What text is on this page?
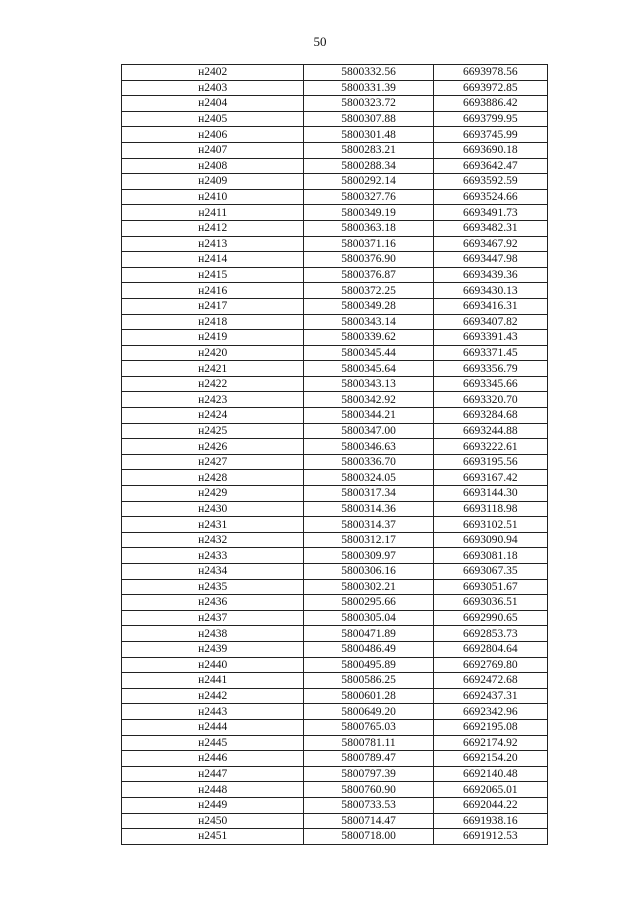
50
н2402	5800332.56	6693978.56
н2403	5800331.39	6693972.85
н2404	5800323.72	6693886.42
н2405	5800307.88	6693799.95
н2406	5800301.48	6693745.99
н2407	5800283.21	6693690.18
н2408	5800288.34	6693642.47
н2409	5800292.14	6693592.59
н2410	5800327.76	6693524.66
н2411	5800349.19	6693491.73
н2412	5800363.18	6693482.31
н2413	5800371.16	6693467.92
н2414	5800376.90	6693447.98
н2415	5800376.87	6693439.36
н2416	5800372.25	6693430.13
н2417	5800349.28	6693416.31
н2418	5800343.14	6693407.82
н2419	5800339.62	6693391.43
н2420	5800345.44	6693371.45
н2421	5800345.64	6693356.79
н2422	5800343.13	6693345.66
н2423	5800342.92	6693320.70
н2424	5800344.21	6693284.68
н2425	5800347.00	6693244.88
н2426	5800346.63	6693222.61
н2427	5800336.70	6693195.56
н2428	5800324.05	6693167.42
н2429	5800317.34	6693144.30
н2430	5800314.36	6693118.98
н2431	5800314.37	6693102.51
н2432	5800312.17	6693090.94
н2433	5800309.97	6693081.18
н2434	5800306.16	6693067.35
н2435	5800302.21	6693051.67
н2436	5800295.66	6693036.51
н2437	5800305.04	6692990.65
н2438	5800471.89	6692853.73
н2439	5800486.49	6692804.64
н2440	5800495.89	6692769.80
н2441	5800586.25	6692472.68
н2442	5800601.28	6692437.31
н2443	5800649.20	6692342.96
н2444	5800765.03	6692195.08
н2445	5800781.11	6692174.92
н2446	5800789.47	6692154.20
н2447	5800797.39	6692140.48
н2448	5800760.90	6692065.01
н2449	5800733.53	6692044.22
н2450	5800714.47	6691938.16
н2451	5800718.00	6691912.53
